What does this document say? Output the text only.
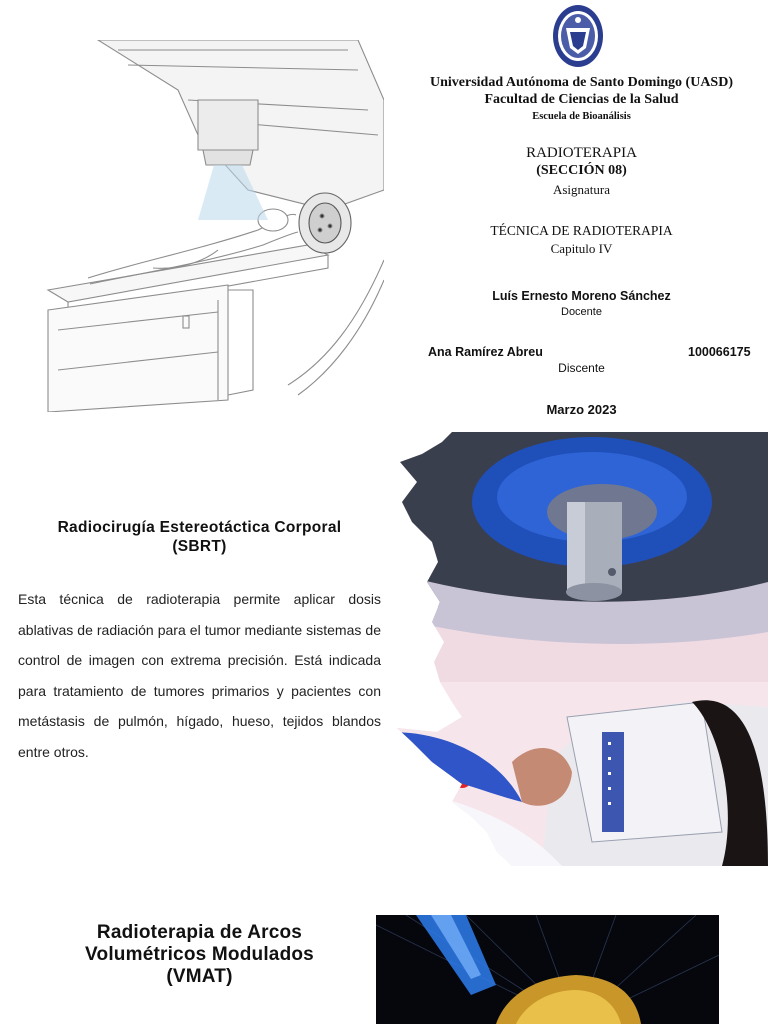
Universidad Autónoma de Santo Domingo (UASD)
Facultad de Ciencias de la Salud
Escuela de Bioanálisis
RADIOTERAPIA
(SECCIÓN 08)
Asignatura
TÉCNICA DE RADIOTERAPIA
Capitulo IV
Luís Ernesto Moreno Sánchez
Docente
Ana Ramírez Abreu	100066175
Discente
Marzo 2023
Radiocirugía Estereotáctica Corporal
(SBRT)
Esta técnica de radioterapia permite aplicar dosis ablativas de radiación para el tumor mediante sistemas de control de imagen con extrema precisión. Está indicada para tratamiento de tumores primarios y pacientes con metástasis de pulmón, hígado, hueso, tejidos blandos entre otros.
Radioterapia de Arcos
Volumétricos Modulados
(VMAT)
